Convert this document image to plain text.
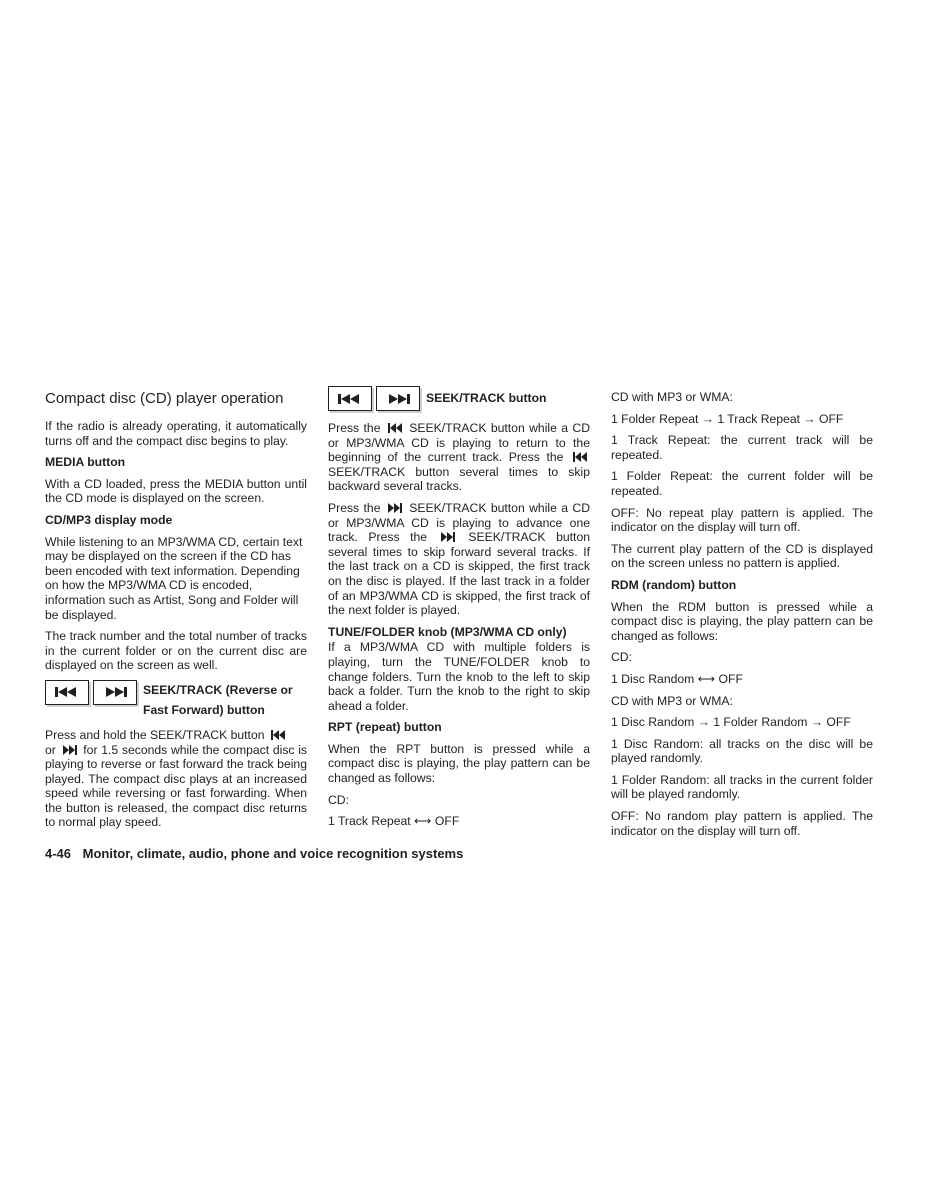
Compact disc (CD) player operation

If the radio is already operating, it automatically turns off and the compact disc begins to play.

MEDIA button

With a CD loaded, press the MEDIA button until the CD mode is displayed on the screen.

CD/MP3 display mode

While listening to an MP3/WMA CD, certain text may be displayed on the screen if the CD has been encoded with text information. Depending on how the MP3/WMA CD is encoded, information such as Artist, Song and Folder will be displayed.

The track number and the total number of tracks in the current folder or on the current disc are displayed on the screen as well.

SEEK/TRACK (Reverse or
Fast Forward) button

Press and hold the SEEK/TRACK button
or for 1.5 seconds while the compact disc is playing to reverse or fast forward the track being played. The compact disc plays at an increased speed while reversing or fast forwarding. When the button is released, the compact disc returns to normal play speed.

SEEK/TRACK button

Press the SEEK/TRACK button while a CD or MP3/WMA CD is playing to return to the beginning of the current track. Press the  SEEK/TRACK button several times to skip backward several tracks.

Press the SEEK/TRACK button while a CD or MP3/WMA CD is playing to advance one track. Press the	SEEK/TRACK button several times to skip forward several tracks. If the last track on a CD is skipped, the first track on the disc is played. If the last track in a folder of an MP3/WMA CD is skipped, the first track of the next folder is played.

TUNE/FOLDER knob (MP3/WMA CD only)

If a MP3/WMA CD with multiple folders is playing, turn the TUNE/FOLDER knob to change folders. Turn the knob to the left to skip back a folder. Turn the knob to the right to skip ahead a folder.

RPT (repeat) button

When the RPT button is pressed while a compact disc is playing, the play pattern can be changed as follows:

CD:

1 Track Repeat ⟷ OFF

CD with MP3 or WMA:

1 Folder Repeat → 1 Track Repeat → OFF

1 Track Repeat: the current track will be repeated.

1 Folder Repeat: the current folder will be repeated.

OFF: No repeat play pattern is applied. The indicator on the display will turn off.

The current play pattern of the CD is displayed on the screen unless no pattern is applied.

RDM (random) button

When the RDM button is pressed while a compact disc is playing, the play pattern can be changed as follows:

CD:

1 Disc Random ⟷ OFF

CD with MP3 or WMA:

1 Disc Random → 1 Folder Random → OFF

1 Disc Random: all tracks on the disc will be played randomly.

1 Folder Random: all tracks in the current folder will be played randomly.

OFF: No random play pattern is applied. The indicator on the display will turn off.

4-46 Monitor, climate, audio, phone and voice recognition systems
